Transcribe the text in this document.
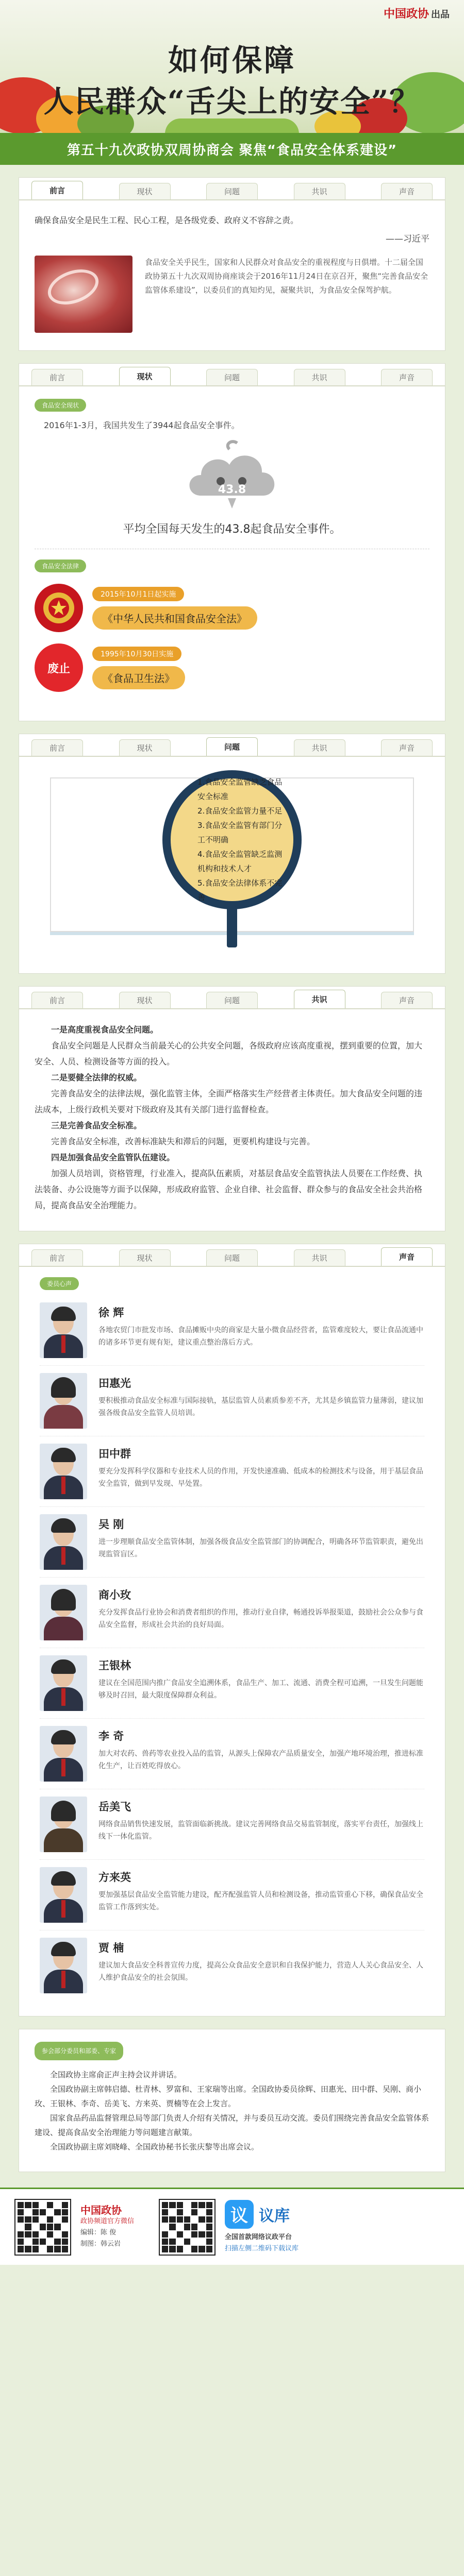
中国政协 出品
如何保障
人民群众“舌尖上的安全”？
第五十九次政协双周协商会 聚焦“食品安全体系建设”
前言	现状	问题	共识	声音
确保食品安全是民生工程、民心工程，是各级党委、政府义不容辞之责。
——习近平
食品安全关乎民生，国家和人民群众对食品安全的重视程度与日俱增。十二届全国政协第五十九次双周协商座谈会于2016年11月24日在京召开，聚焦“完善食品安全监管体系建设”，以委员们的真知灼见，凝聚共识，为食品安全保驾护航。
前言	现状	问题	共识	声音
食品安全现状
2016年1-3月，我国共发生了3944起食品安全事件。
43.8
平均全国每天发生的43.8起食品安全事件。
食品安全法律
2015年10月1日起实施
《中华人民共和国食品安全法》
废止
1995年10月30日实施
《食品卫生法》
前言	现状	问题	共识	声音
1.食品安全监管缺乏食品
安全标准
2.食品安全监管力量不足
3.食品安全监管有部门分
工不明确
4.食品安全监管缺乏监测
机构和技术人才
5.食品安全法律体系不完
善
前言	现状	问题	共识	声音

一是高度重视食品安全问题。

食品安全问题是人民群众当前最关心的公共安全问题，各级政府应该高度重视，摆到重要的位置，加大安全、人员、检测设备等方面的投入。

二是要健全法律的权威。

完善食品安全的法律法规，强化监管主体，全面严格落实生产经营者主体责任。加大食品安全问题的违法成本，上级行政机关要对下级政府及其有关部门进行监督检查。

三是完善食品安全标准。

完善食品安全标准，改善标准缺失和滞后的问题，更要机构建设与完善。

四是加强食品安全监管队伍建设。

加强人员培训，资格管理，行业准入，提高队伍素质，对基层食品安全监管执法人员要在工作经费、执法装备、办公设施等方面予以保障，形成政府监管、企业自律、社会监督、群众参与的食品安全社会共治格局，提高食品安全治理能力。

前言	现状	问题	共识	声音
委员心声
徐 辉
各地农贸门市批发市场、食品摊贩中央的商家是大量小微食品经营者，监管难度较大，要让食品流通中的诸多环节更有规有矩，建议重点整治落后方式。
田惠光
要积极推动食品安全标准与国际接轨，基层监管人员素质参差不齐，尤其是乡镇监管力量薄弱，建议加强各级食品安全监管人员培训。
田中群
要充分发挥科学仪器和专业技术人员的作用，开发快速准确、低成本的检测技术与设备，用于基层食品安全监管，做到早发现、早处置。
吴 刚
进一步理顺食品安全监管体制，加强各级食品安全监管部门的协调配合，明确各环节监管职责，避免出现监管盲区。
商小玫
充分发挥食品行业协会和消费者组织的作用，推动行业自律，畅通投诉举报渠道，鼓励社会公众参与食品安全监督，形成社会共治的良好局面。
王银林
建议在全国范围内推广食品安全追溯体系，食品生产、加工、流通、消费全程可追溯，一旦发生问题能够及时召回，最大限度保障群众利益。
李 奇
加大对农药、兽药等农业投入品的监管，从源头上保障农产品质量安全，加强产地环境治理，推进标准化生产，让百姓吃得放心。
岳美飞
网络食品销售快速发展，监管面临新挑战。建议完善网络食品交易监管制度，落实平台责任，加强线上线下一体化监管。
方来英
要加强基层食品安全监管能力建设，配齐配强监管人员和检测设备，推动监管重心下移，确保食品安全监管工作落到实处。
贾 楠
建议加大食品安全科普宣传力度，提高公众食品安全意识和自我保护能力，营造人人关心食品安全、人人维护食品安全的社会氛围。
参会部分委员和部委、专家

全国政协主席俞正声主持会议并讲话。

全国政协副主席韩启德、杜青林、罗富和、王家瑞等出席。全国政协委员徐辉、田惠光、田中群、吴刚、商小玫、王银林、李奇、岳美飞、方来英、贾楠等在会上发言。

国家食品药品监督管理总局等部门负责人介绍有关情况，并与委员互动交流。委员们围绕完善食品安全监管体系建设、提高食品安全治理能力等问题建言献策。

全国政协副主席刘晓峰、全国政协秘书长张庆黎等出席会议。

中国政协
政协频道官方微信
编辑：陈 俊
制图：韩云岩
议 议库
全国首款网络议政平台
扫描左侧二维码下载议库
